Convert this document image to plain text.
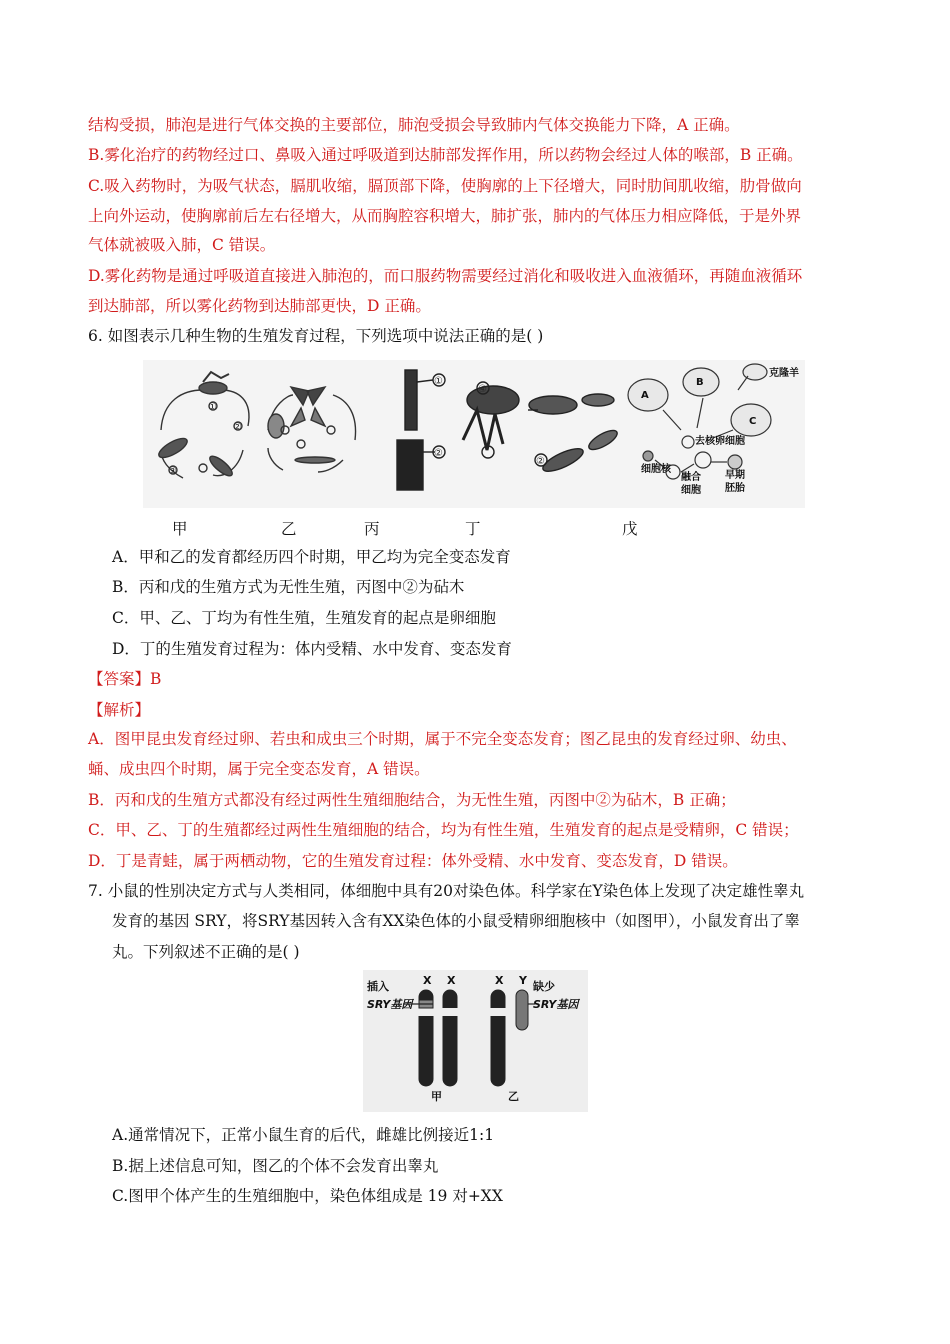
结构受损，肺泡是进行气体交换的主要部位，肺泡受损会导致肺内气体交换能力下降，A 正确。
B.雾化治疗的药物经过口、鼻吸入通过呼吸道到达肺部发挥作用，所以药物会经过人体的喉部，B 正确。
C.吸入药物时，为吸气状态，膈肌收缩，膈顶部下降，使胸廓的上下径增大，同时肋间肌收缩，肋骨做向
上向外运动，使胸廓前后左右径增大，从而胸腔容积增大，肺扩张，肺内的气体压力相应降低，于是外界
气体就被吸入肺，C 错误。
D.雾化药物是通过呼吸道直接进入肺泡的，而口服药物需要经过消化和吸收进入血液循环，再随血液循环
到达肺部，所以雾化药物到达肺部更快，D 正确。
6. 如图表示几种生物的生殖发育过程，下列选项中说法正确的是( )
①
②
③
①
②
④
②
A
B
C
克隆羊
去核卵细胞
细胞核
融合
细胞
早期
胚胎
甲	乙	丙	丁	戊
A．甲和乙的发育都经历四个时期，甲乙均为完全变态发育
B．丙和戊的生殖方式为无性生殖，丙图中②为砧木
C．甲、乙、丁均为有性生殖，生殖发育的起点是卵细胞
D．丁的生殖发育过程为：体内受精、水中发育、变态发育
【答案】B
【解析】
A．图甲昆虫发育经过卵、若虫和成虫三个时期，属于不完全变态发育；图乙昆虫的发育经过卵、幼虫、
蛹、成虫四个时期，属于完全变态发育，A 错误。
B．丙和戊的生殖方式都没有经过两性生殖细胞结合，为无性生殖，丙图中②为砧木，B 正确；
C．甲、乙、丁的生殖都经过两性生殖细胞的结合，均为有性生殖，生殖发育的起点是受精卵，C 错误；
D．丁是青蛙，属于两栖动物，它的生殖发育过程：体外受精、水中发育、变态发育，D 错误。
7. 小鼠的性别决定方式与人类相同，体细胞中具有20对染色体。科学家在Y染色体上发现了决定雄性睾丸
发育的基因 SRY，将SRY基因转入含有XX染色体的小鼠受精卵细胞核中（如图甲），小鼠发育出了睾
丸。下列叙述不正确的是( )
插入
SRY基因
X X	X Y 缺少
SRY基因
甲	乙
A.通常情况下，正常小鼠生育的后代，雌雄比例接近1:1
B.据上述信息可知，图乙的个体不会发育出睾丸
C.图甲个体产生的生殖细胞中，染色体组成是 19 对+XX
